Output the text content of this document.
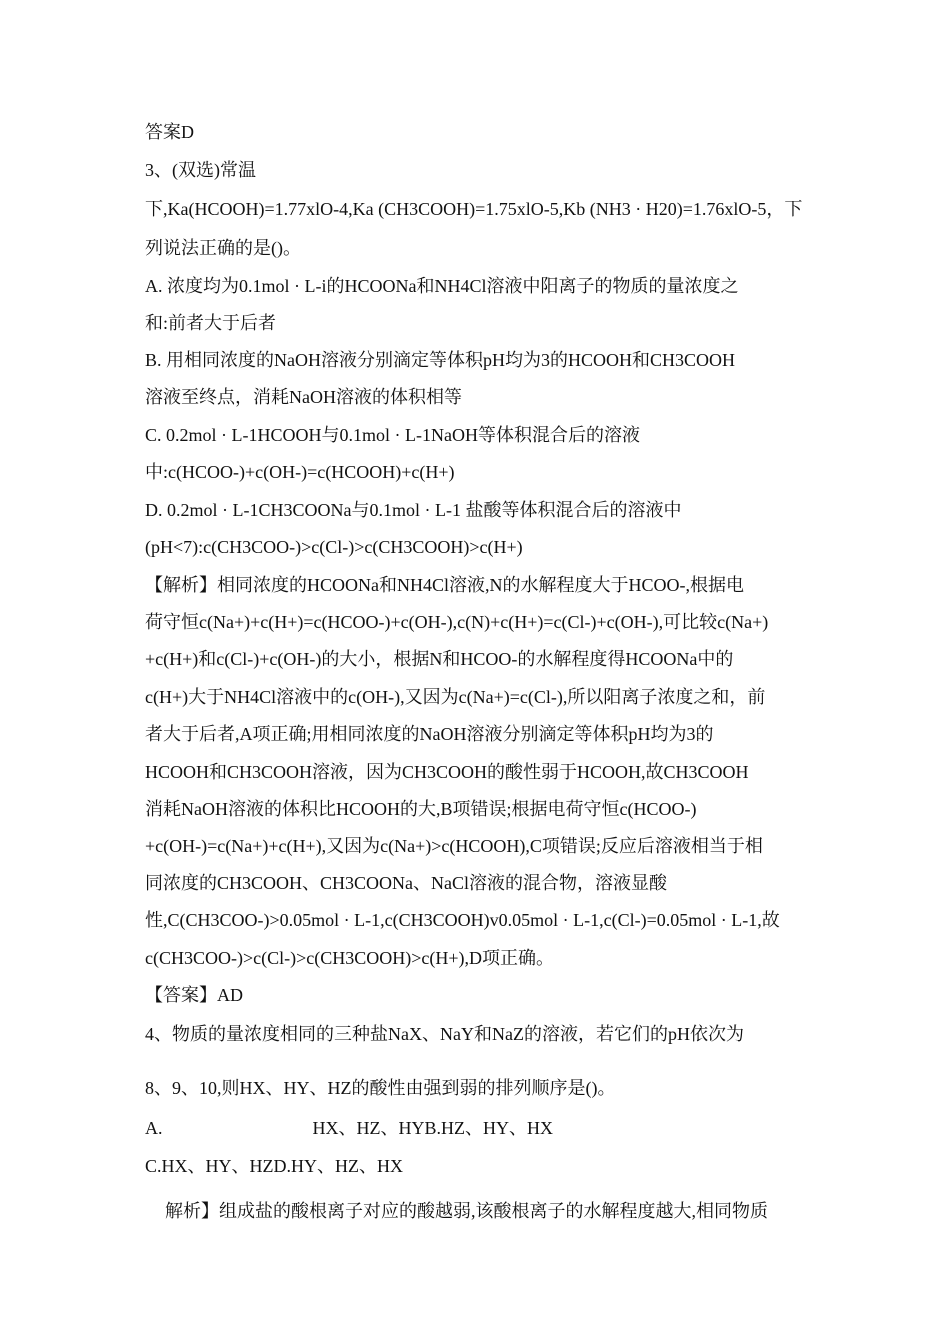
答案D
3、(双选)常温
下,Ka(HCOOH)=1.77xlO-4,Ka (CH3COOH)=1.75xlO-5,Kb (NH3 · H20)=1.76xlO-5，下
列说法正确的是()。
A. 浓度均为0.1mol · L-i的HCOONa和NH4Cl溶液中阳离子的物质的量浓度之
和:前者大于后者
B. 用相同浓度的NaOH溶液分别滴定等体积pH均为3的HCOOH和CH3COOH
溶液至终点，消耗NaOH溶液的体积相等
C. 0.2mol · L-1HCOOH与0.1mol · L-1NaOH等体积混合后的溶液
中:c(HCOO-)+c(OH-)=c(HCOOH)+c(H+)
D. 0.2mol · L-1CH3COONa与0.1mol · L-1 盐酸等体积混合后的溶液中
(pH<7):c(CH3COO-)>c(Cl-)>c(CH3COOH)>c(H+)
【解析】相同浓度的HCOONa和NH4Cl溶液,N的水解程度大于HCOO-,根据电
荷守恒c(Na+)+c(H+)=c(HCOO-)+c(OH-),c(N)+c(H+)=c(Cl-)+c(OH-),可比较c(Na+)
+c(H+)和c(Cl-)+c(OH-)的大小，根据N和HCOO-的水解程度得HCOONa中的
c(H+)大于NH4Cl溶液中的c(OH-),又因为c(Na+)=c(Cl-),所以阳离子浓度之和，前
者大于后者,A项正确;用相同浓度的NaOH溶液分别滴定等体积pH均为3的
HCOOH和CH3COOH溶液，因为CH3COOH的酸性弱于HCOOH,故CH3COOH
消耗NaOH溶液的体积比HCOOH的大,B项错误;根据电荷守恒c(HCOO-)
+c(OH-)=c(Na+)+c(H+),又因为c(Na+)>c(HCOOH),C项错误;反应后溶液相当于相
同浓度的CH3COOH、CH3COONa、NaCl溶液的混合物，溶液显酸
性,C(CH3COO-)>0.05mol · L-1,c(CH3COOH)v0.05mol · L-1,c(Cl-)=0.05mol · L-1,故
c(CH3COO-)>c(Cl-)>c(CH3COOH)>c(H+),D项正确。
【答案】AD
4、物质的量浓度相同的三种盐NaX、NaY和NaZ的溶液，若它们的pH依次为
8、9、10,则HX、HY、HZ的酸性由强到弱的排列顺序是()。
A.	HX、HZ、HYB.HZ、HY、HX
C.HX、HY、HZD.HY、HZ、HX
解析】组成盐的酸根离子对应的酸越弱,该酸根离子的水解程度越大,相同物质
